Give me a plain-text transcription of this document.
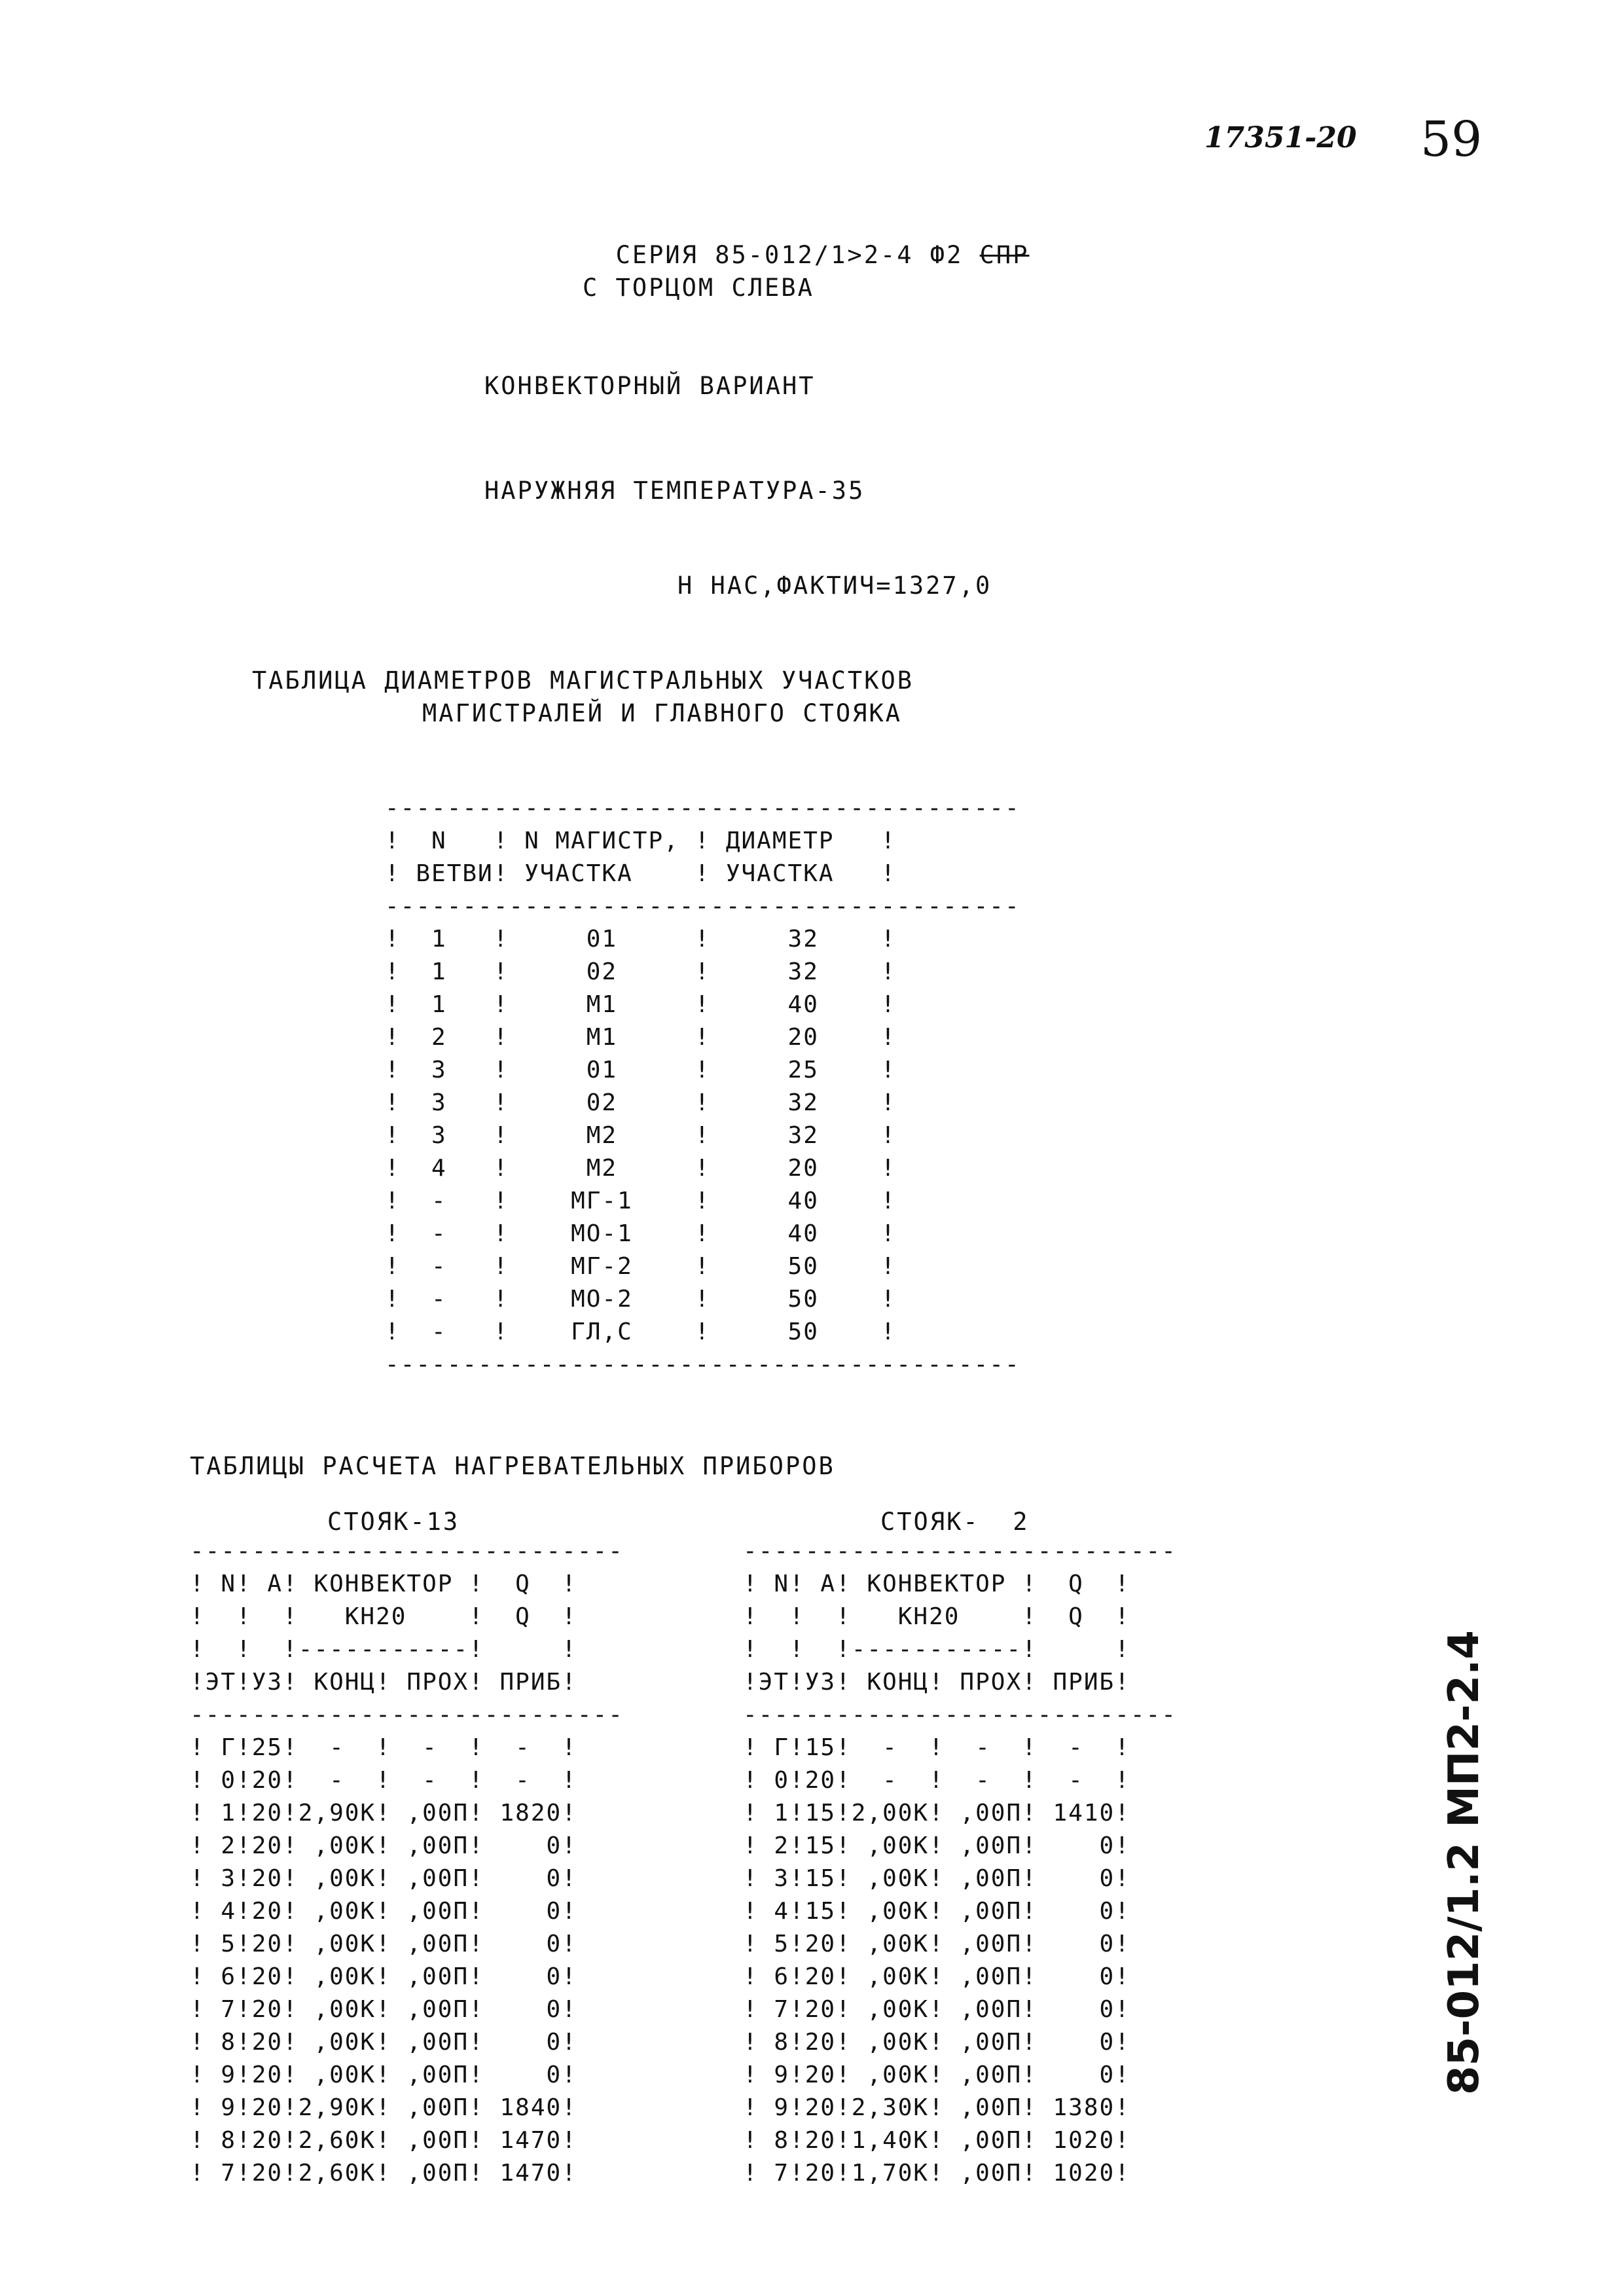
17351-20 59

СЕРИЯ 85-012/1>2-4 Ф2 СПР

С ТОРЦОМ СЛЕВА
КОНВЕКТОРНЫЙ ВАРИАНТ
НАРУЖНЯЯ ТЕМПЕРАТУРА-35
Н НАС,ФАКТИЧ=1327,0
ТАБЛИЦА ДИАМЕТРОВ МАГИСТРАЛЬНЫХ УЧАСТКОВ
МАГИСТРАЛЕЙ И ГЛАВНОГО СТОЯКА
-----------------------------------------
!  N   ! N МАГИСТР, ! ДИАМЕТР   !
! ВЕТВИ! УЧАСТКА    ! УЧАСТКА   !
-----------------------------------------
!  1   !     01     !     32    !
!  1   !     02     !     32    !
!  1   !     М1     !     40    !
!  2   !     М1     !     20    !
!  3   !     01     !     25    !
!  3   !     02     !     32    !
!  3   !     М2     !     32    !
!  4   !     М2     !     20    !
!  -   !    МГ-1    !     40    !
!  -   !    МО-1    !     40    !
!  -   !    МГ-2    !     50    !
!  -   !    МО-2    !     50    !
!  -   !    ГЛ,С    !     50    !
-----------------------------------------
ТАБЛИЦЫ РАСЧЕТА НАГРЕВАТЕЛЬНЫХ ПРИБОРОВ
СТОЯК-13
----------------------------
! N! А! КОНВЕКТОР !  Q  !
!  !  !   КН20    !  Q  !
!  !  !-----------!     !
!ЭТ!УЗ! КОНЦ! ПРОХ! ПРИБ!
----------------------------
! Г!25!  -  !  -  !  -  !
! 0!20!  -  !  -  !  -  !
! 1!20!2,90К! ,00П! 1820!
! 2!20! ,00К! ,00П!    0!
! 3!20! ,00К! ,00П!    0!
! 4!20! ,00К! ,00П!    0!
! 5!20! ,00К! ,00П!    0!
! 6!20! ,00К! ,00П!    0!
! 7!20! ,00К! ,00П!    0!
! 8!20! ,00К! ,00П!    0!
! 9!20! ,00К! ,00П!    0!
! 9!20!2,90К! ,00П! 1840!
! 8!20!2,60К! ,00П! 1470!
! 7!20!2,60К! ,00П! 1470!
СТОЯК-  2
----------------------------
! N! А! КОНВЕКТОР !  Q  !
!  !  !   КН20    !  Q  !
!  !  !-----------!     !
!ЭТ!УЗ! КОНЦ! ПРОХ! ПРИБ!
----------------------------
! Г!15!  -  !  -  !  -  !
! 0!20!  -  !  -  !  -  !
! 1!15!2,00К! ,00П! 1410!
! 2!15! ,00К! ,00П!    0!
! 3!15! ,00К! ,00П!    0!
! 4!15! ,00К! ,00П!    0!
! 5!20! ,00К! ,00П!    0!
! 6!20! ,00К! ,00П!    0!
! 7!20! ,00К! ,00П!    0!
! 8!20! ,00К! ,00П!    0!
! 9!20! ,00К! ,00П!    0!
! 9!20!2,30К! ,00П! 1380!
! 8!20!1,40К! ,00П! 1020!
! 7!20!1,70К! ,00П! 1020!
85-012/1.2 МП2-2.4
